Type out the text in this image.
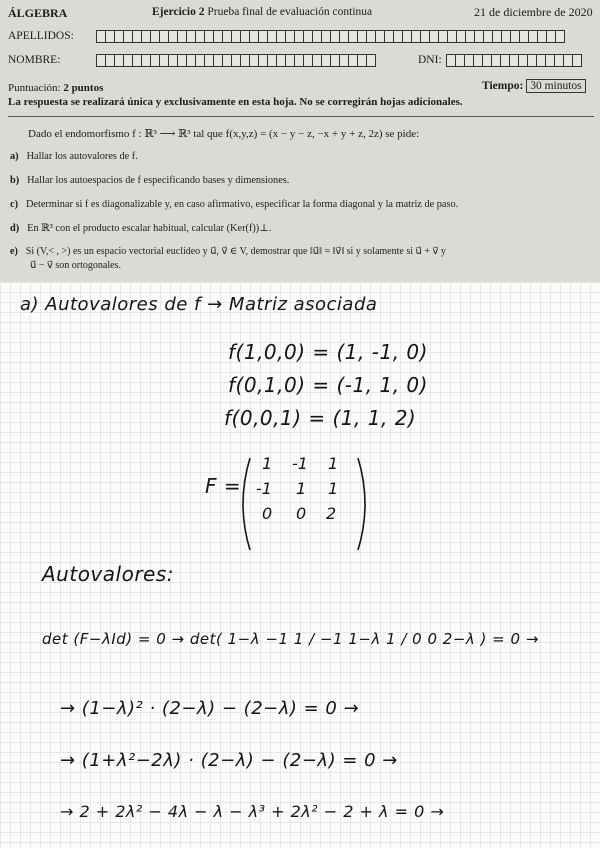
ÁLGEBRA	Ejercicio 2 Prueba final de evaluación continua	21 de diciembre de 2020
APELLIDOS:
NOMBRE:	DNI:
Puntuación: 2 puntos	Tiempo: 30 minutos
La respuesta se realizará única y exclusivamente en esta hoja. No se corregirán hojas adicionales.
Dado el endomorfismo f : ℝ³ ⟶ ℝ³ tal que f(x,y,z) = (x − y − z, −x + y + z, 2z) se pide:
a) Hallar los autovalores de f.
b) Hallar los autoespacios de f especificando bases y dimensiones.
c) Determinar si f es diagonalizable y, en caso afirmativo, especificar la forma diagonal y la matriz de paso.
d) En ℝ³ con el producto escalar habitual, calcular (Ker(f))⊥.
e) Si (V,< , >) es un espacio vectorial euclídeo y u⃗, v⃗ ∈ V, demostrar que ‖u⃗‖ = ‖v⃗‖ si y solamente si u⃗ + v⃗ y
u⃗ − v⃗ son ortogonales.
a) Autovalores de f → Matriz asociada
f(1,0,0) = (1, -1, 0)
f(0,1,0) = (-1, 1, 0)
f(0,0,1) = (1, 1, 2)
F =
1 -1 1
-1 1 1
0 0 2
Autovalores:
det (F−λId) = 0 → det( 1−λ −1 1 / −1 1−λ 1 / 0 0 2−λ ) = 0 →
→ (1−λ)² · (2−λ) − (2−λ) = 0 →
→ (1+λ²−2λ) · (2−λ) − (2−λ) = 0 →
→ 2 + 2λ² − 4λ − λ − λ³ + 2λ² − 2 + λ = 0 →
